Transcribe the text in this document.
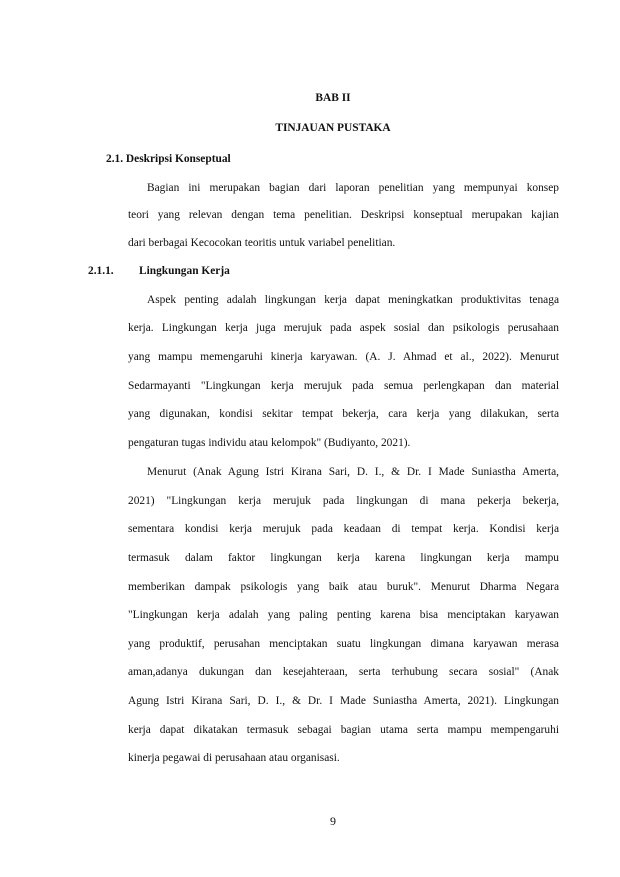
BAB II
TINJAUAN PUSTAKA
2.1. Deskripsi Konseptual
Bagian ini merupakan bagian dari laporan penelitian yang mempunyai konsep
teori yang relevan dengan tema penelitian. Deskripsi konseptual merupakan kajian
dari berbagai Kecocokan teoritis untuk variabel penelitian.
2.1.1. Lingkungan Kerja
Aspek penting adalah lingkungan kerja dapat meningkatkan produktivitas tenaga
kerja. Lingkungan kerja juga merujuk pada aspek sosial dan psikologis perusahaan
yang mampu memengaruhi kinerja karyawan. (A. J. Ahmad et al., 2022). Menurut
Sedarmayanti "Lingkungan kerja merujuk pada semua perlengkapan dan material
yang digunakan, kondisi sekitar tempat bekerja, cara kerja yang dilakukan, serta
pengaturan tugas individu atau kelompok" (Budiyanto, 2021).
Menurut (Anak Agung Istri Kirana Sari, D. I., & Dr. I Made Suniastha Amerta,
2021) "Lingkungan kerja merujuk pada lingkungan di mana pekerja bekerja,
sementara kondisi kerja merujuk pada keadaan di tempat kerja. Kondisi kerja
termasuk dalam faktor lingkungan kerja karena lingkungan kerja mampu
memberikan dampak psikologis yang baik atau buruk". Menurut Dharma Negara
"Lingkungan kerja adalah yang paling penting karena bisa menciptakan karyawan
yang produktif, perusahan menciptakan suatu lingkungan dimana karyawan merasa
aman,adanya dukungan dan kesejahteraan, serta terhubung secara sosial" (Anak
Agung Istri Kirana Sari, D. I., & Dr. I Made Suniastha Amerta, 2021). Lingkungan
kerja dapat dikatakan termasuk sebagai bagian utama serta mampu mempengaruhi
kinerja pegawai di perusahaan atau organisasi.
9
